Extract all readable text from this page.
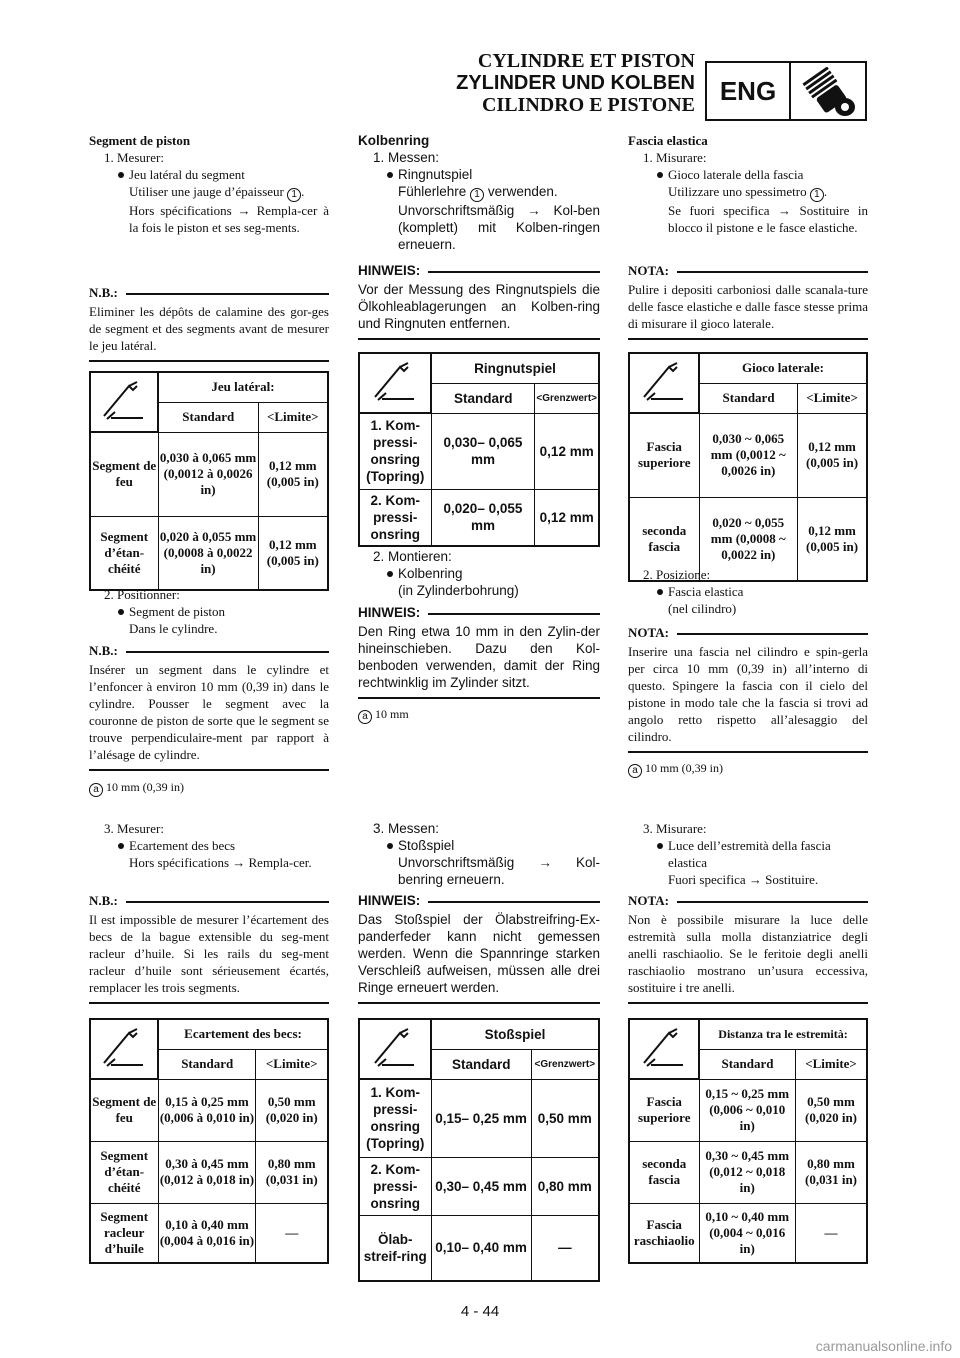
CYLINDRE ET PISTON
ZYLINDER UND KOLBEN
CILINDRO E PISTONE ENG
Segment de piston
1. Mesurer:
Jeu latéral du segment
Utiliser une jauge d’épaisseur 1 .
Hors spécifications → Rempla-cer à la fois le piston et ses seg-ments.
N.B.:
Eliminer les dépôts de calamine des gor-ges de segment et des segments avant de mesurer le jeu latéral.
	Jeu latéral:	
	Standard	<Limite>
Segment de feu	0,030 à 0,065 mm (0,0012 à 0,0026 in)	0,12 mm (0,005 in)
Segment d’étan-chéité	0,020 à 0,055 mm (0,0008 à 0,0022 in)	0,12 mm (0,005 in)
2. Positionner:
Segment de piston
Dans le cylindre.
N.B.:
Insérer un segment dans le cylindre et l’enfoncer à environ 10 mm (0,39 in) dans le cylindre. Pousser le segment avec la couronne de piston de sorte que le segment se trouve perpendiculaire-ment par rapport à l’alésage de cylindre.
a 10 mm (0,39 in)
3. Mesurer:
Ecartement des becs
Hors spécifications → Rempla-cer.
N.B.:
Il est impossible de mesurer l’écartement des becs de la bague extensible du seg-ment racleur d’huile. Si les rails du seg-ment racleur d’huile sont sérieusement écartés, remplacer les trois segments.
	Ecartement des becs:	
	Standard	<Limite>
Segment de feu	0,15 à 0,25 mm (0,006 à 0,010 in)	0,50 mm (0,020 in)
Segment d’étan-chéité	0,30 à 0,45 mm (0,012 à 0,018 in)	0,80 mm (0,031 in)
Segment racleur d’huile	0,10 à 0,40 mm (0,004 à 0,016 in)	—
Kolbenring
1. Messen:
Ringnutspiel
Fühlerlehre 1 verwenden.
Unvorschriftsmäßig → Kol-ben (komplett) mit Kolben-ringen erneuern.
HINWEIS:
Vor der Messung des Ringnutspiels die Ölkohleablagerungen an Kolben-ring und Ringnuten entfernen.
	Ringnutspiel	
	Standard	<Grenzwert>
1. Kom-pressi-onsring (Topring)	0,030– 0,065 mm	0,12 mm
2. Kom-pressi-onsring	0,020– 0,055 mm	0,12 mm
2. Montieren:
Kolbenring
(in Zylinderbohrung)
HINWEIS:
Den Ring etwa 10 mm in den Zylin-der hineinschieben. Dazu den Kol-benboden verwenden, damit der Ring rechtwinklig im Zylinder sitzt.
a 10 mm
3. Messen:
Stoßspiel
Unvorschriftsmäßig → Kol-benring erneuern.
HINWEIS:
Das Stoßspiel der Ölabstreifring-Ex-panderfeder kann nicht gemessen werden. Wenn die Spannringe starken Verschleiß aufweisen, müssen alle drei Ringe erneuert werden.
	Stoßspiel	
	Standard	<Grenzwert>
1. Kom-pressi-onsring (Topring)	0,15– 0,25 mm	0,50 mm
2. Kom-pressi-onsring	0,30– 0,45 mm	0,80 mm
Ölab-streif-ring	0,10– 0,40 mm	—
Fascia elastica
1. Misurare:
Gioco laterale della fascia
Utilizzare uno spessimetro 1 .
Se fuori specifica → Sostituire in blocco il pistone e le fasce elastiche.
NOTA:
Pulire i depositi carboniosi dalle scanala-ture delle fasce elastiche e dalle fasce stesse prima di misurare il gioco laterale.
	Gioco laterale:	
	Standard	<Limite>
Fascia superiore	0,030 ~ 0,065 mm (0,0012 ~ 0,0026 in)	0,12 mm (0,005 in)
seconda fascia	0,020 ~ 0,055 mm (0,0008 ~ 0,0022 in)	0,12 mm (0,005 in)
2. Posizione:
Fascia elastica
(nel cilindro)
NOTA:
Inserire una fascia nel cilindro e spin-gerla per circa 10 mm (0,39 in) all’interno di questo. Spingere la fascia con il cielo del pistone in modo tale che la fascia si trovi ad angolo retto rispetto all’alesaggio del cilindro.
a 10 mm (0,39 in)
3. Misurare:
Luce dell’estremità della fascia elastica
Fuori specifica → Sostituire.
NOTA:
Non è possibile misurare la luce delle estremità sulla molla distanziatrice degli anelli raschiaolio. Se le feritoie degli anelli raschiaolio mostrano un’usura eccessiva, sostituire i tre anelli.
	Distanza tra le estremità:	
	Standard	<Limite>
Fascia superiore	0,15 ~ 0,25 mm (0,006 ~ 0,010 in)	0,50 mm (0,020 in)
seconda fascia	0,30 ~ 0,45 mm (0,012 ~ 0,018 in)	0,80 mm (0,031 in)
Fascia raschiaolio	0,10 ~ 0,40 mm (0,004 ~ 0,016 in)	—
4 - 44
carmanualsonline.info
